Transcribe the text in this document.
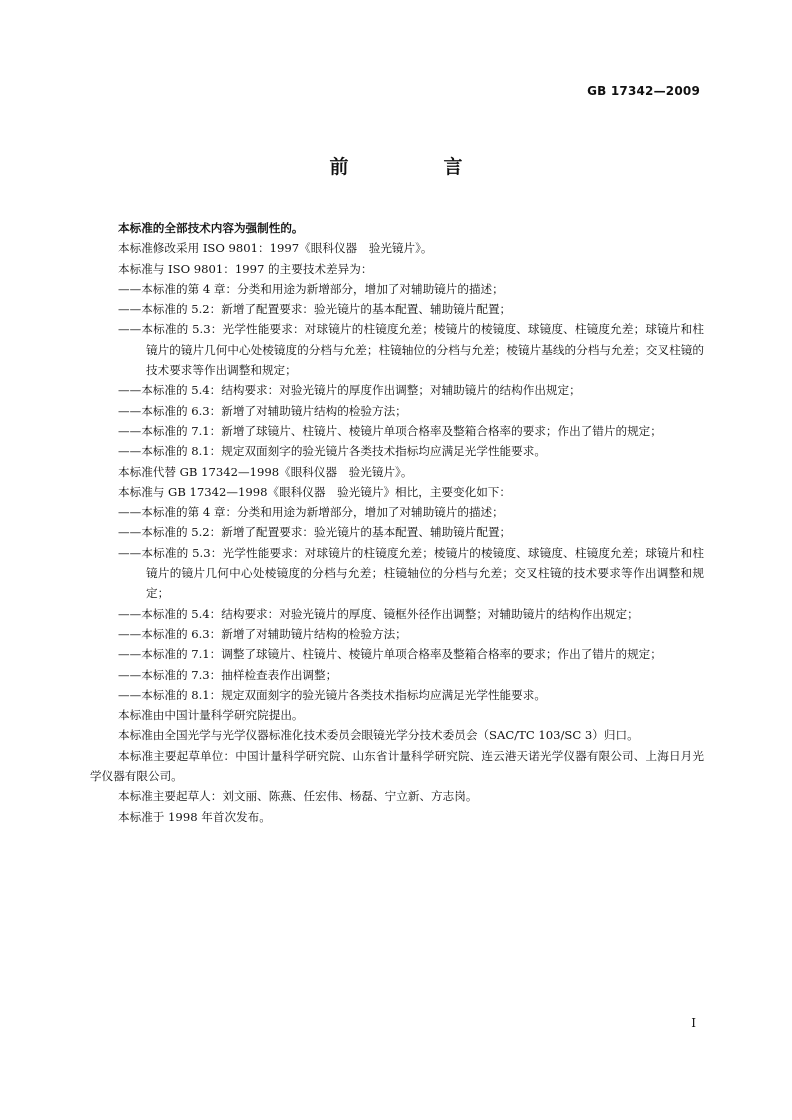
GB 17342—2009
前　言

本标准的全部技术内容为强制性的。

本标准修改采用 ISO 9801：1997《眼科仪器　验光镜片》。

本标准与 ISO 9801：1997 的主要技术差异为：

——本标准的第 4 章：分类和用途为新增部分，增加了对辅助镜片的描述；

——本标准的 5.2：新增了配置要求：验光镜片的基本配置、辅助镜片配置；

——本标准的 5.3：光学性能要求：对球镜片的柱镜度允差；棱镜片的棱镜度、球镜度、柱镜度允差；球镜片和柱镜片的镜片几何中心处棱镜度的分档与允差；柱镜轴位的分档与允差；棱镜片基线的分档与允差；交叉柱镜的技术要求等作出调整和规定；

——本标准的 5.4：结构要求：对验光镜片的厚度作出调整；对辅助镜片的结构作出规定；

——本标准的 6.3：新增了对辅助镜片结构的检验方法；

——本标准的 7.1：新增了球镜片、柱镜片、棱镜片单项合格率及整箱合格率的要求；作出了错片的规定；

——本标准的 8.1：规定双面刻字的验光镜片各类技术指标均应满足光学性能要求。

本标准代替 GB 17342—1998《眼科仪器　验光镜片》。

本标准与 GB 17342—1998《眼科仪器　验光镜片》相比，主要变化如下：

——本标准的第 4 章：分类和用途为新增部分，增加了对辅助镜片的描述；

——本标准的 5.2：新增了配置要求：验光镜片的基本配置、辅助镜片配置；

——本标准的 5.3：光学性能要求：对球镜片的柱镜度允差；棱镜片的棱镜度、球镜度、柱镜度允差；球镜片和柱镜片的镜片几何中心处棱镜度的分档与允差；柱镜轴位的分档与允差；交叉柱镜的技术要求等作出调整和规定；

——本标准的 5.4：结构要求：对验光镜片的厚度、镜框外径作出调整；对辅助镜片的结构作出规定；

——本标准的 6.3：新增了对辅助镜片结构的检验方法；

——本标准的 7.1：调整了球镜片、柱镜片、棱镜片单项合格率及整箱合格率的要求；作出了错片的规定；

——本标准的 7.3：抽样检查表作出调整；

——本标准的 8.1：规定双面刻字的验光镜片各类技术指标均应满足光学性能要求。

本标准由中国计量科学研究院提出。

本标准由全国光学与光学仪器标准化技术委员会眼镜光学分技术委员会（SAC/TC 103/SC 3）归口。

本标准主要起草单位：中国计量科学研究院、山东省计量科学研究院、连云港天诺光学仪器有限公司、上海日月光学仪器有限公司。

本标准主要起草人：刘文丽、陈燕、任宏伟、杨磊、宁立新、方志岗。

本标准于 1998 年首次发布。

I
